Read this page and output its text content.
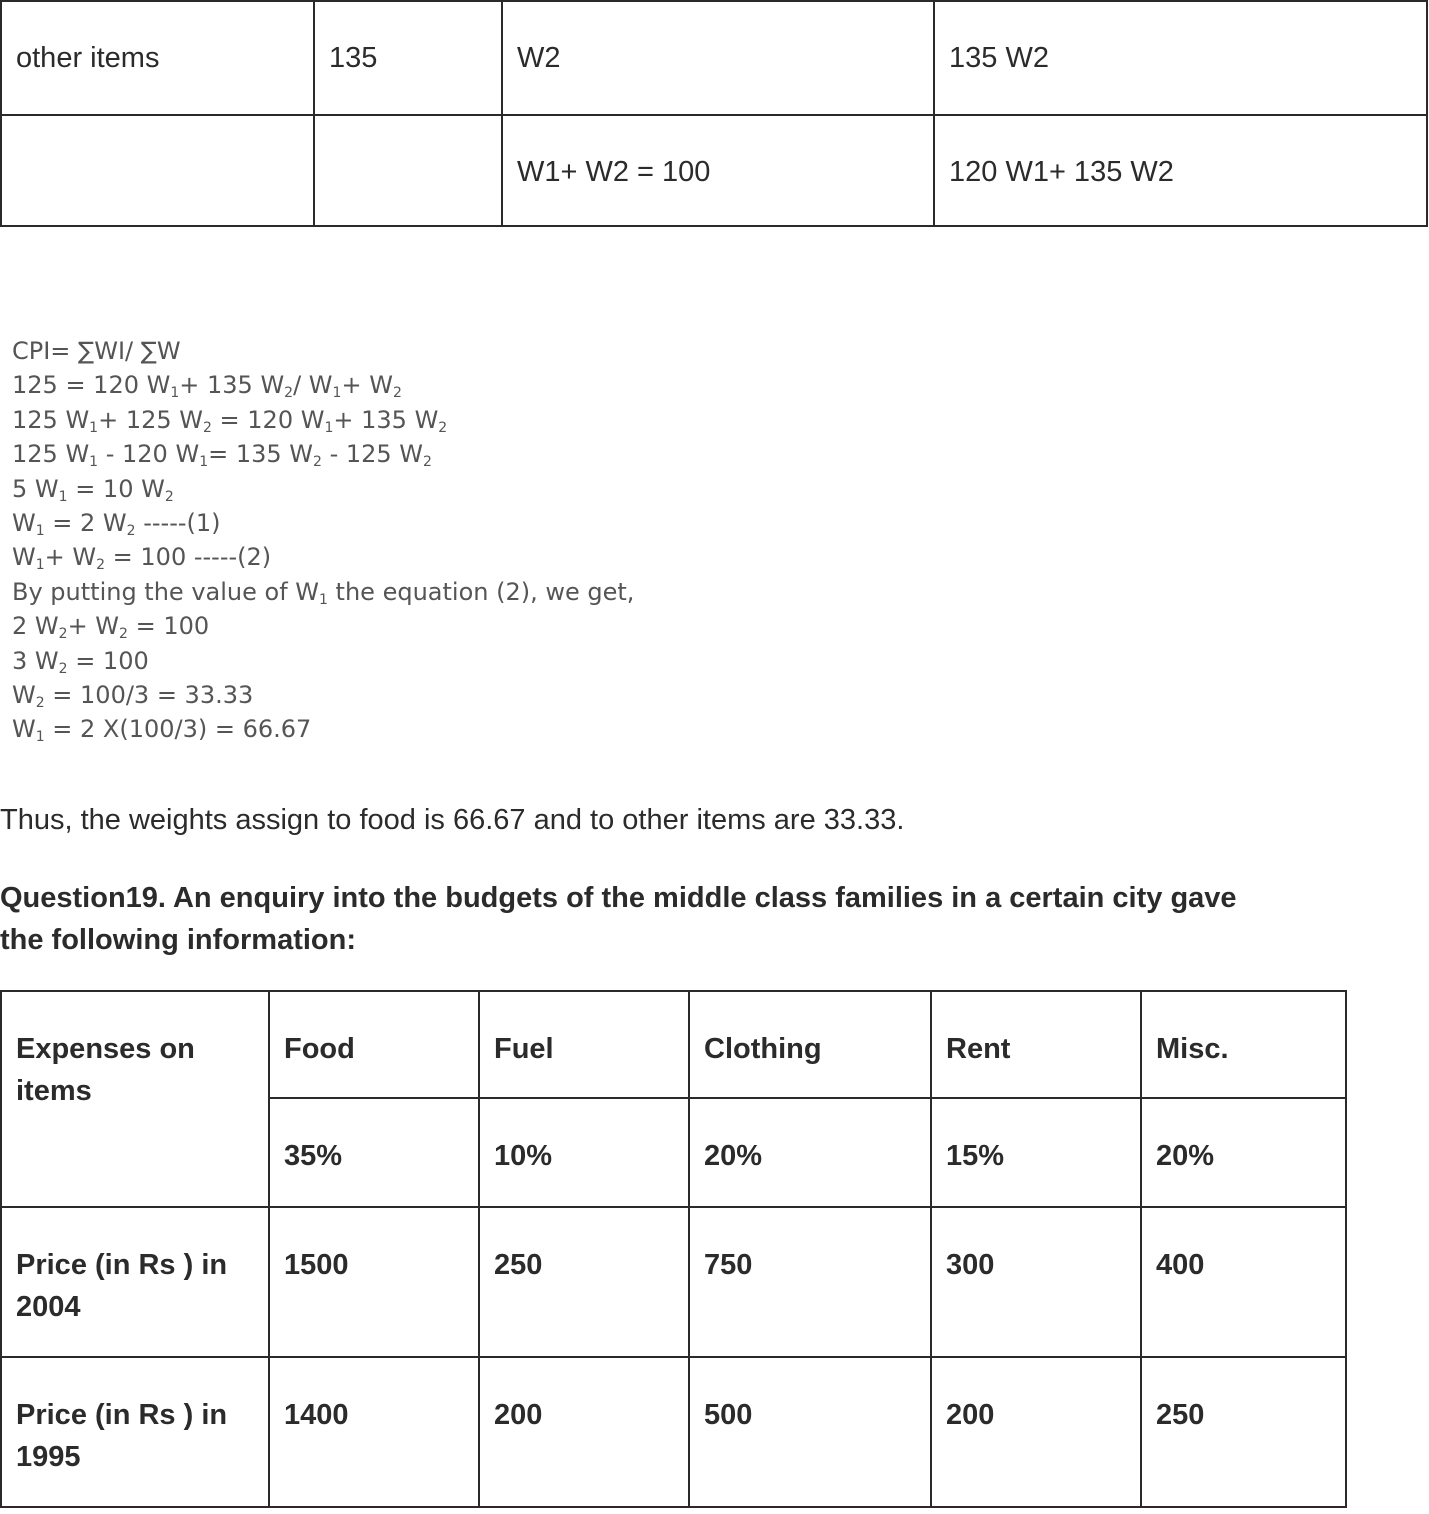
other items	135	W2	135 W2
		W1+ W2 = 100	120 W1+ 135 W2
CPI= ∑WI/ ∑W
125 = 120 $W_1+ 135$ $W_2/$ $W_1+ W_2$
125 $W_1+ 125$ $W_2 = 120$ $W_1+ 135$ $W_2$
125 $W_1 - 120$ $W_1= 135$ $W_2 - 125$ $W_2$
5 $W_1 = 10$ $W_2$
$W_1 = 2$ $W_2$ -----(1)
$W_1+ W_2 = 100$ -----(2)
By putting the value of $W_1$ the equation (2), we get,
2 $W_2+ W_2 = 100$
3 $W_2 = 100$
$W_2 = 100/3 = 33.33$
$W_1 = 2$ X(100/3) = 66.67
Thus, the weights assign to food is 66.67 and to other items are 33.33.
Question19. An enquiry into the budgets of the middle class families in a certain city gave the following information:
Expenses on items	Food	Fuel	Clothing	Rent	Misc.
	35%	10%	20%	15%	20%
Price (in Rs ) in 2004	1500	250	750	300	400
Price (in Rs ) in 1995	1400	200	500	200	250
